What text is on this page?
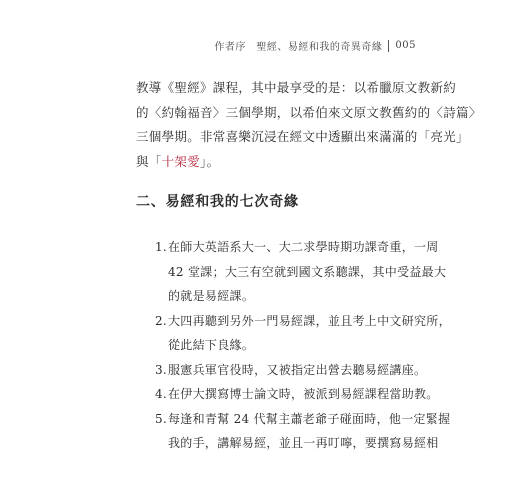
作者序　聖經、易經和我的奇異奇緣 005
教導《聖經》課程，其中最享受的是：以希臘原文教新約
的〈約翰福音〉三個學期，以希伯來文原文教舊約的〈詩篇〉
三個學期。非常喜樂沉浸在經文中透顯出來滿滿的「亮光」
與「十架愛」。
二、易經和我的七次奇緣
1. 在師大英語系大一、大二求學時期功課奇重，一周
42 堂課；大三有空就到國文系聽課，其中受益最大
的就是易經課。
2. 大四再聽到另外一門易經課，並且考上中文研究所，
從此結下良緣。
3. 服憲兵軍官役時，又被指定出營去聽易經講座。
4. 在伊大撰寫博士論文時，被派到易經課程當助教。
5. 每逢和青幫 24 代幫主蕭老爺子碰面時，他一定緊握
我的手，講解易經，並且一再叮嚀，要撰寫易經相
